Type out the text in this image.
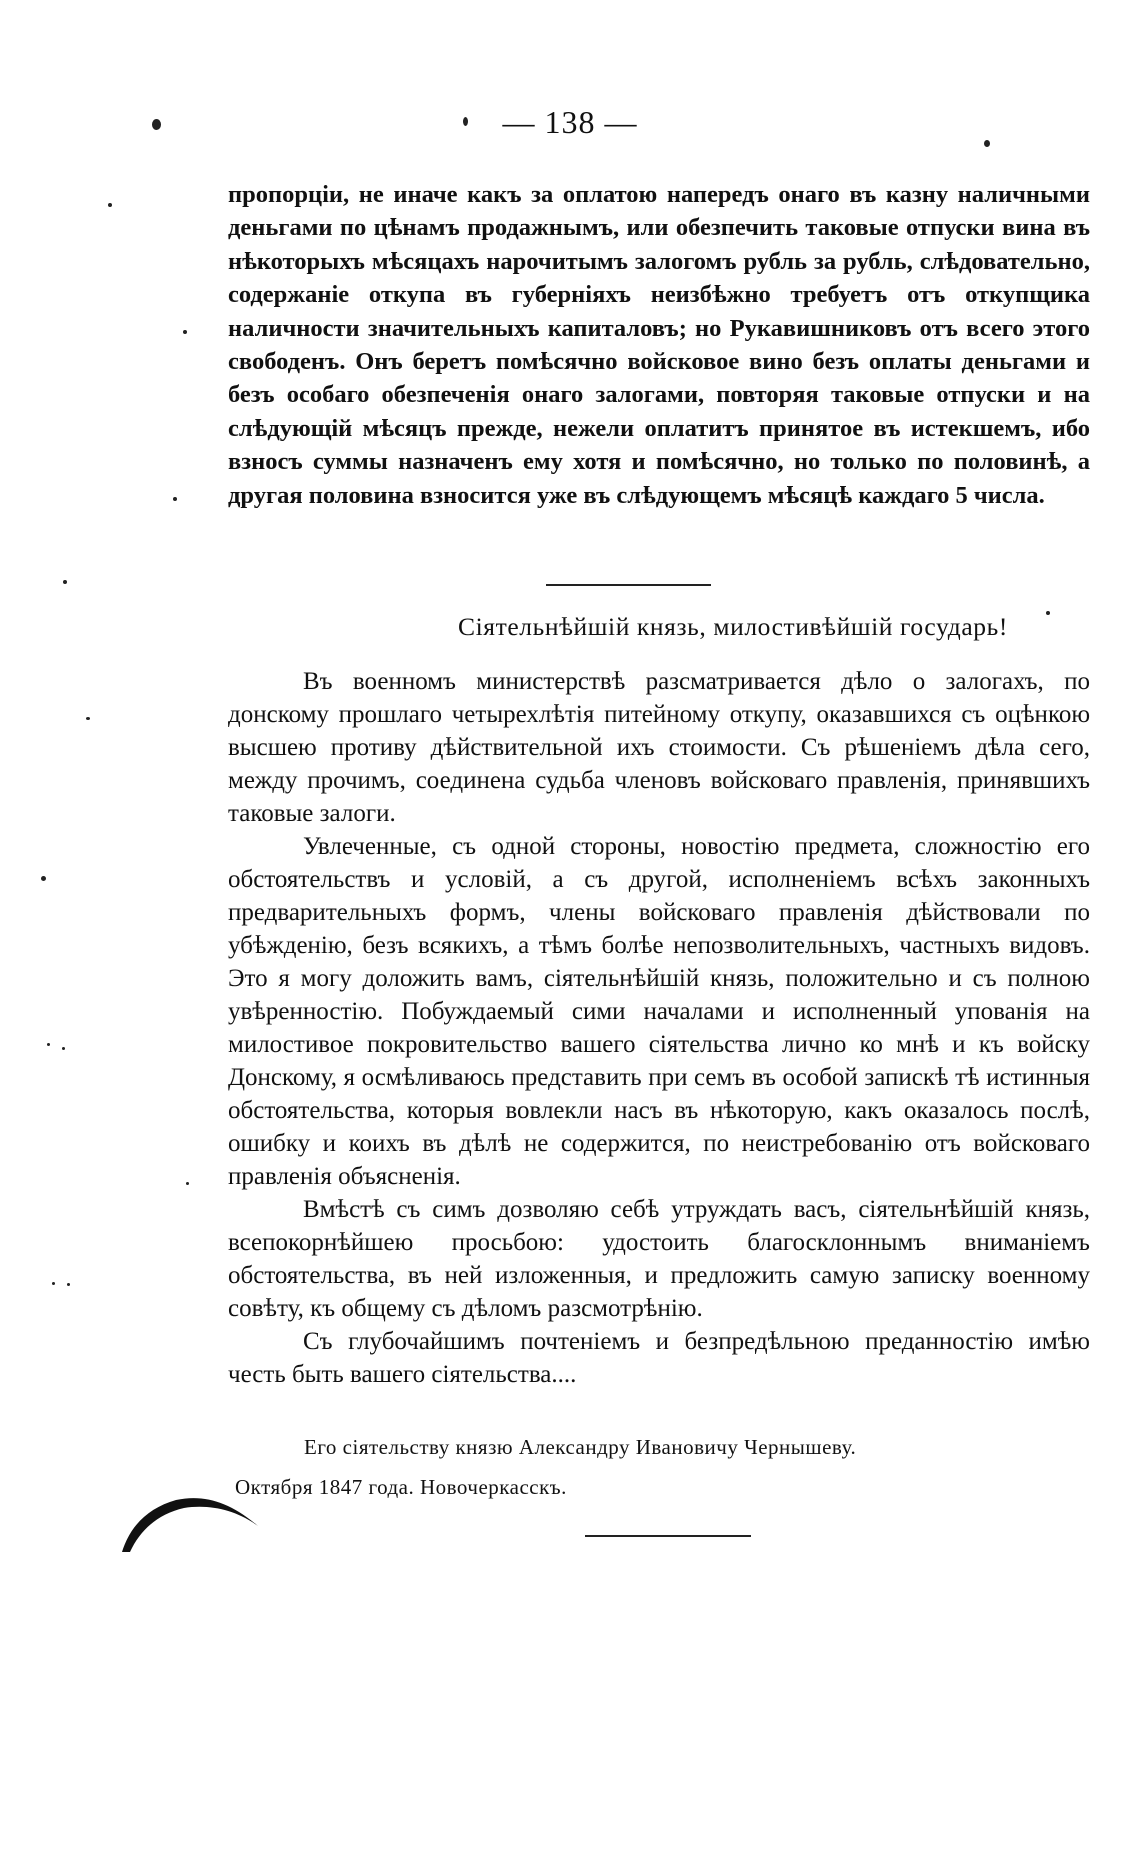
— 138 —

пропорціи, не иначе какъ за оплатою напередъ онаго въ казну наличными деньгами по цѣнамъ продажнымъ, или обезпечить таковые отпуски вина въ нѣкоторыхъ мѣсяцахъ нарочитымъ залогомъ рубль за рубль, слѣдовательно, содержаніе откупа въ губерніяхъ неизбѣжно требуетъ отъ откупщика наличности значительныхъ капиталовъ; но Рукавишниковъ отъ всего этого свободенъ. Онъ беретъ помѣсячно войсковое вино безъ оплаты деньгами и безъ особаго обезпеченія онаго залогами, повторяя таковые отпуски и на слѣдующій мѣсяцъ прежде, нежели оплатитъ принятое въ истекшемъ, ибо взносъ суммы назначенъ ему хотя и помѣсячно, но только по половинѣ, а другая половина взносится уже въ слѣдующемъ мѣсяцѣ каждаго 5 числа.

Сіятельнѣйшій князь, милостивѣйшій государь!

Въ военномъ министерствѣ разсматривается дѣло о залогахъ, по донскому прошлаго четырехлѣтія питейному откупу, оказавшихся съ оцѣнкою высшею противу дѣйствительной ихъ стоимости. Съ рѣшеніемъ дѣла сего, между прочимъ, соединена судьба членовъ войсковаго правленія, принявшихъ таковые залоги.

Увлеченные, съ одной стороны, новостію предмета, сложностію его обстоятельствъ и условій, а съ другой, исполненіемъ всѣхъ законныхъ предварительныхъ формъ, члены войсковаго правленія дѣйствовали по убѣжденію, безъ всякихъ, а тѣмъ болѣе непозволительныхъ, частныхъ видовъ. Это я могу доложить вамъ, сіятельнѣйшій князь, положительно и съ полною увѣренностію. Побуждаемый сими началами и исполненный упованія на милостивое покровительство вашего сіятельства лично ко мнѣ и къ войску Донскому, я осмѣливаюсь представить при семъ въ особой запискѣ тѣ истинныя обстоятельства, которыя вовлекли насъ въ нѣкоторую, какъ оказалось послѣ, ошибку и коихъ въ дѣлѣ не содержится, по неистребованію отъ войсковаго правленія объясненія.

Вмѣстѣ съ симъ дозволяю себѣ утруждать васъ, сіятельнѣйшій князь, всепокорнѣйшею просьбою: удостоить благосклоннымъ вниманіемъ обстоятельства, въ ней изложенныя, и предложить самую записку военному совѣту, къ общему съ дѣломъ разсмотрѣнію.

Съ глубочайшимъ почтеніемъ и безпредѣльною преданностію имѣю честь быть вашего сіятельства....

Его сіятельству князю Александру Ивановичу Чернышеву.
Октября 1847 года. Новочеркасскъ.
